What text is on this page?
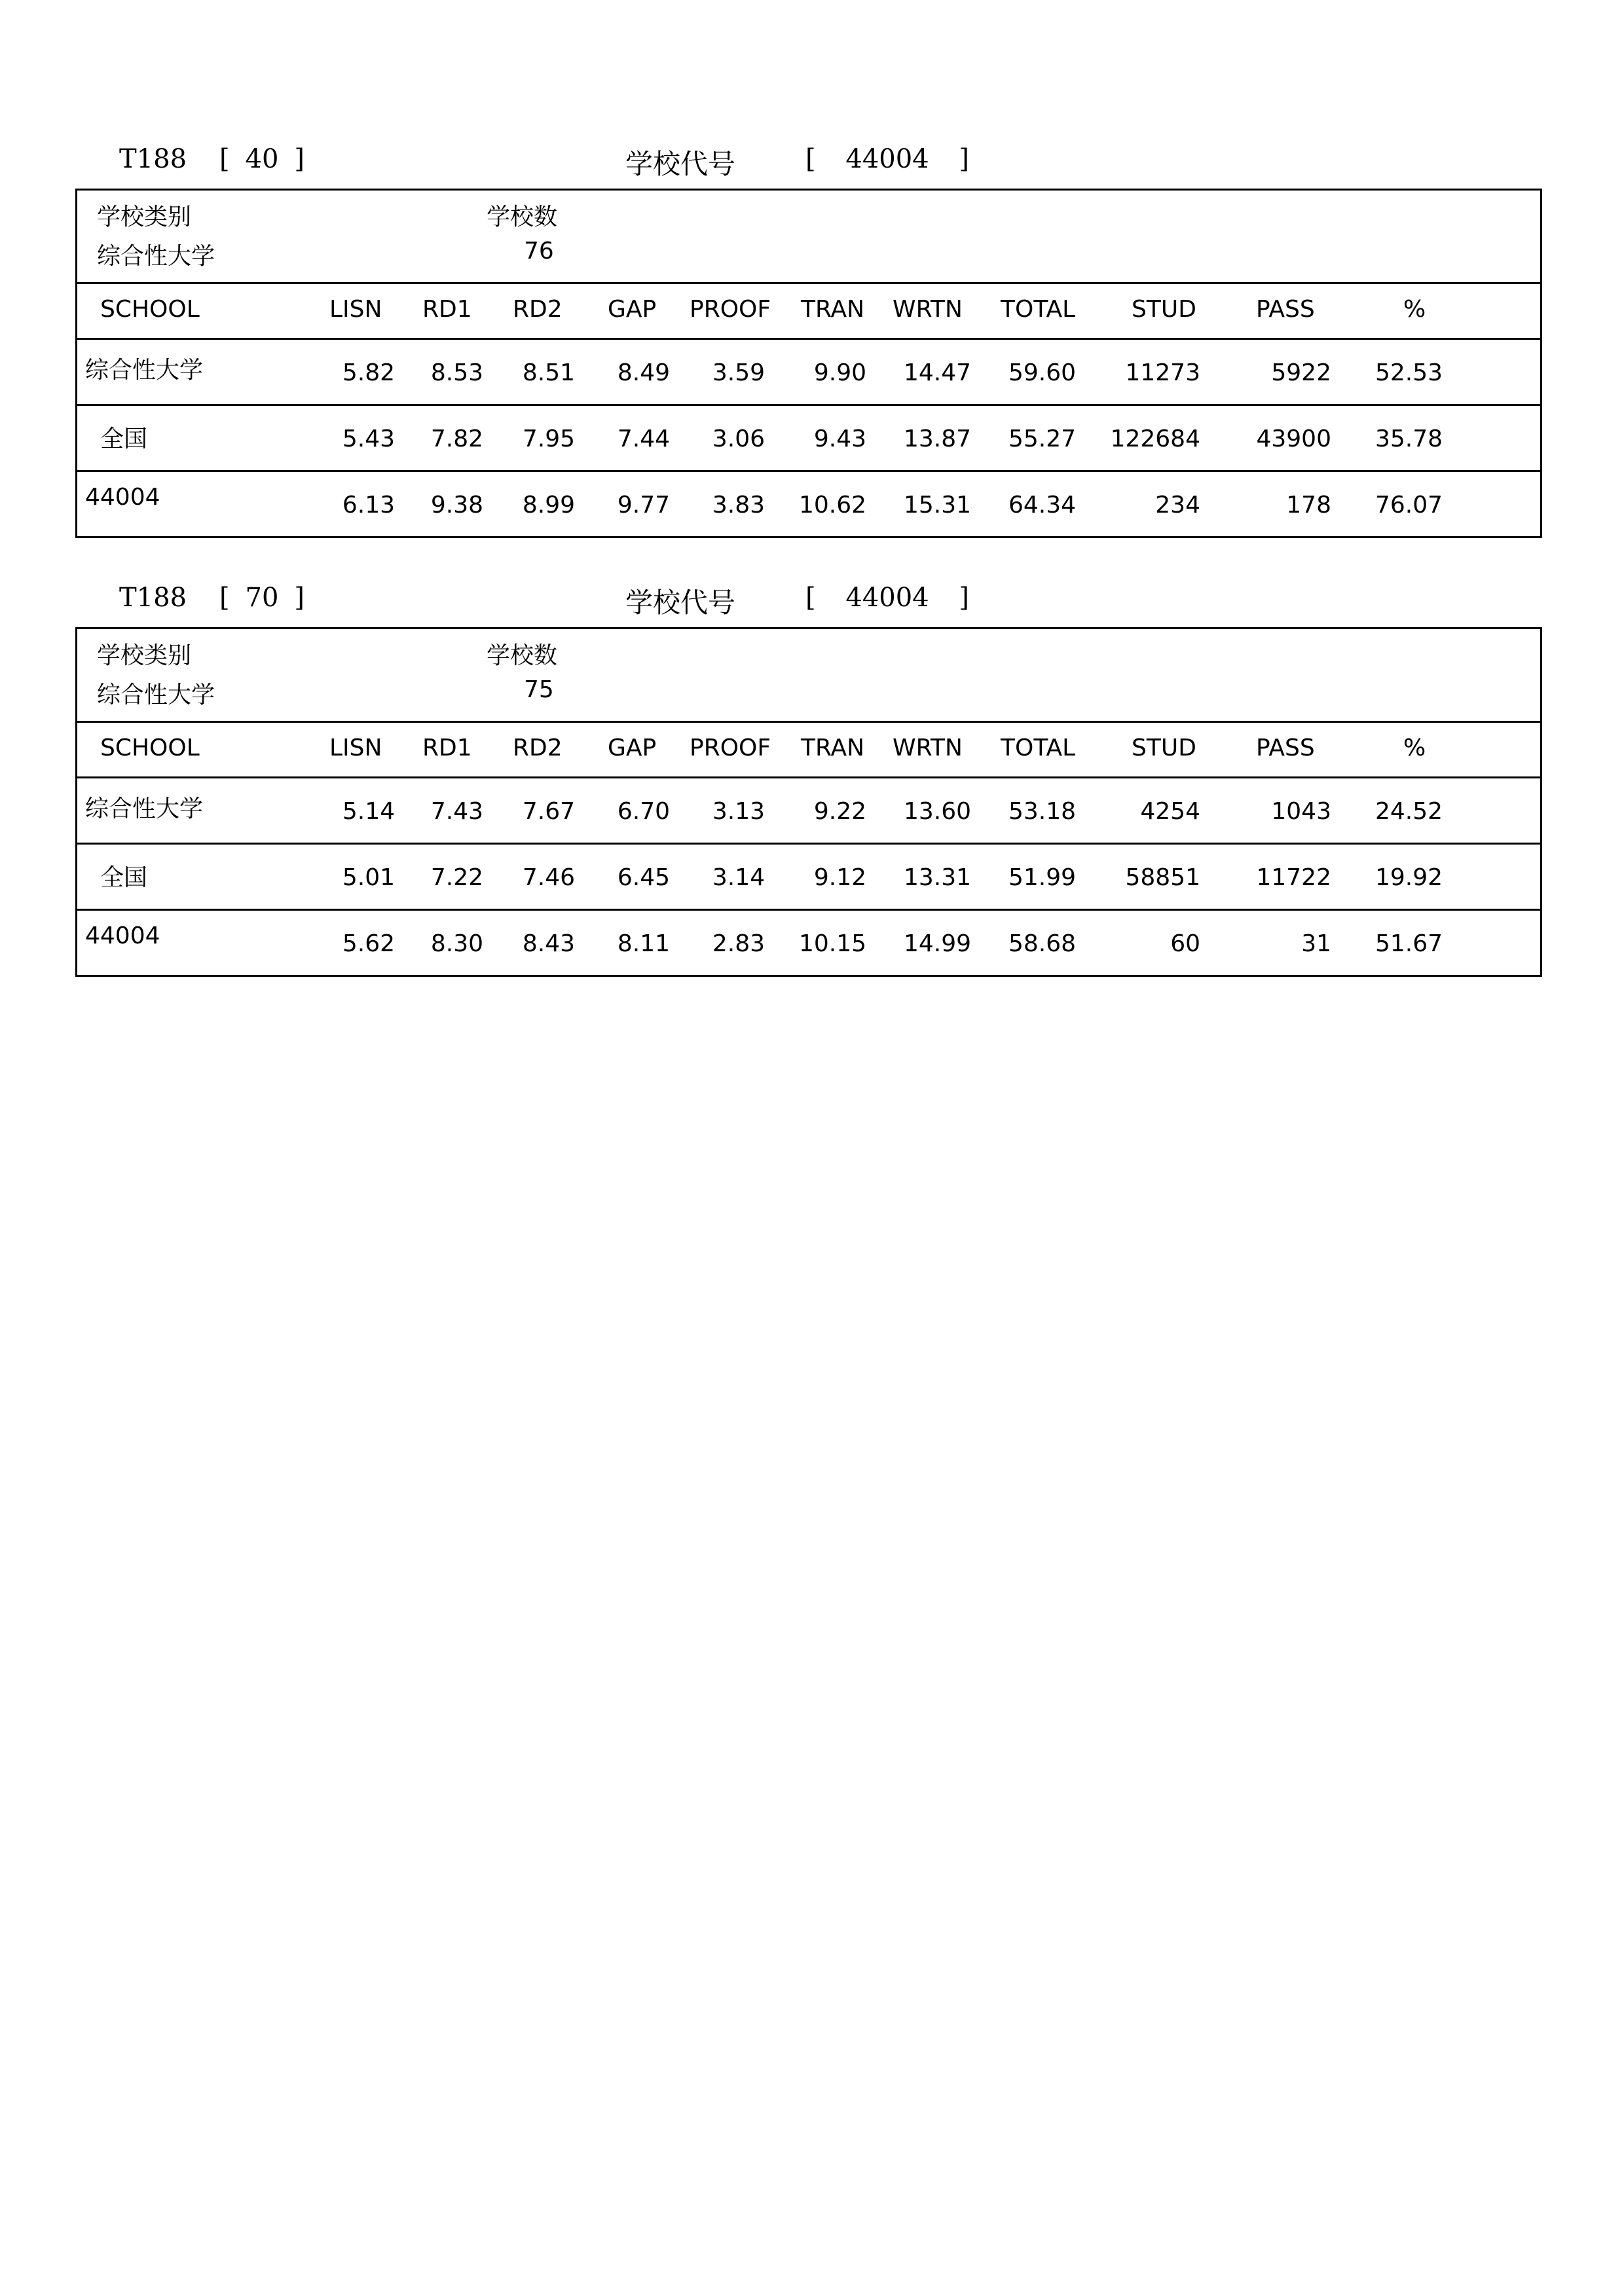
T188 [ 40 ]	学校代号	[	44004	]
学校类别	学校数
综合性大学	76
SCHOOL	LISN RD1 RD2 GAP PROOF TRAN WRTN TOTAL STUD	PASS	%
综合性大学	5.82 8.53 8.51 8.49 3.59 9.90 14.47 59.60 11273	5922 52.53
全国	5.43 7.82 7.95 7.44 3.06 9.43 13.87 55.27 122684 43900 35.78
44004	6.13 9.38 8.99 9.77 3.83 10.62 15.31 64.34	234	178 76.07
T188 [ 70 ]	学校代号	[	44004	]
学校类别	学校数
综合性大学	75
SCHOOL	LISN RD1 RD2 GAP PROOF TRAN WRTN TOTAL STUD	PASS	%
综合性大学	5.14 7.43 7.67 6.70 3.13 9.22 13.60 53.18	4254	1043 24.52
全国	5.01 7.22 7.46 6.45 3.14 9.12 13.31 51.99 58851 11722 19.92
44004	5.62 8.30 8.43 8.11 2.83 10.15 14.99 58.68	60	31 51.67
